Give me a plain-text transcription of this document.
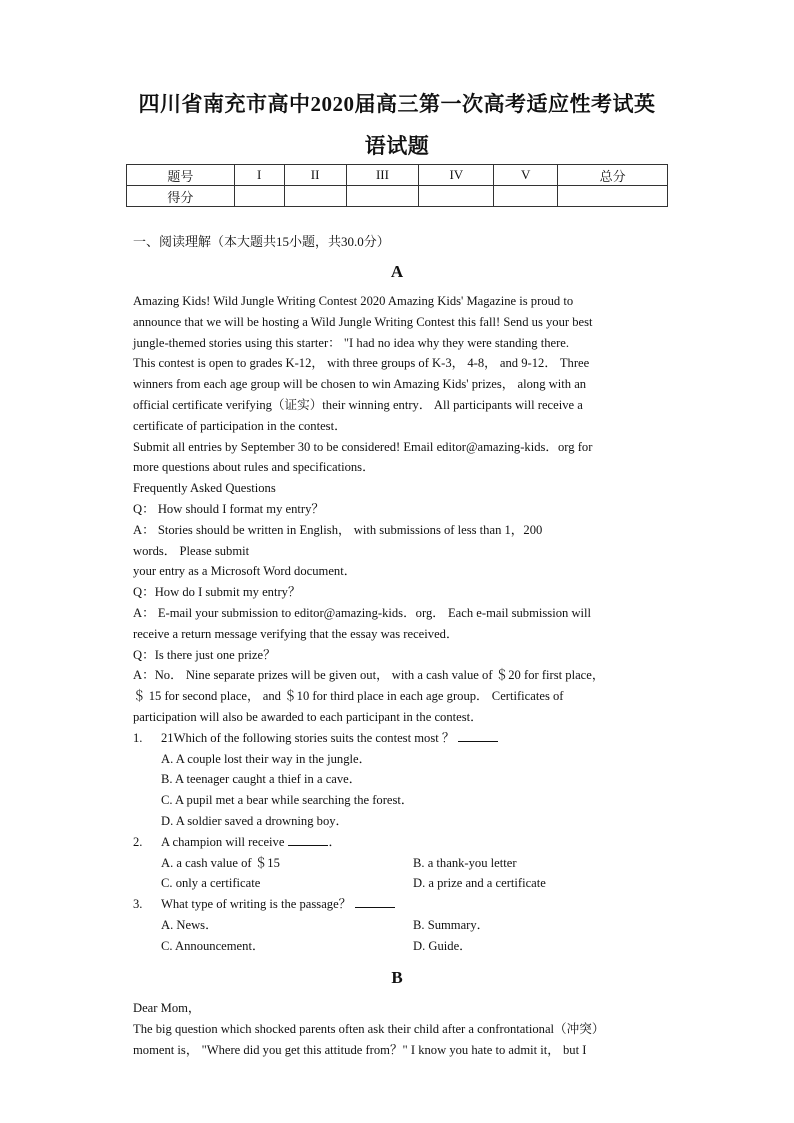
四川省南充市高中2020届高三第一次高考适应性考试英
语试题
题号	I	II	III	IV	V	总分
得分						
一、阅读理解（本大题共15小题，共30.0分）
A
Amazing Kids! Wild Jungle Writing Contest 2020 Amazing Kids' Magazine is proud to
announce that we will be hosting a Wild Jungle Writing Contest this fall! Send us your best
jungle-themed stories using this starter： "I had no idea why they were standing there.
This contest is open to grades K-12， with three groups of K-3， 4-8， and 9-12． Three
winners from each age group will be chosen to win Amazing Kids' prizes， along with an
official certificate verifying（证实）their winning entry． All participants will receive a
certificate of participation in the contest．
Submit all entries by September 30 to be considered! Email editor@amazing-kids．org for
more questions about rules and specifications．
Frequently Asked Questions
Q： How should I format my entry？
A： Stories should be written in English， with submissions of less than 1，200
words． Please submit
your entry as a Microsoft Word document．
Q：How do I submit my entry？
A： E-mail your submission to editor@amazing-kids．org． Each e-mail submission will
receive a return message verifying that the essay was received．
Q：Is there just one prize？
A：No． Nine separate prizes will be given out， with a cash value of ＄20 for first place，
＄ 15 for second place， and ＄10 for third place in each age group． Certificates of
participation will also be awarded to each participant in the contest．
1. 21Which of the following stories suits the contest most ？
A. A couple lost their way in the jungle．
B. A teenager caught a thief in a cave．
C. A pupil met a bear while searching the forest．
D. A soldier saved a drowning boy．
2. A champion will receive	．
A. a cash value of ＄15	B. a thank-you letter
C. only a certificate	D. a prize and a certificate
3. What type of writing is the passage？
A. News．	B. Summary．
C. Announcement．	D. Guide．
B
Dear Mom，
The big question which shocked parents often ask their child after a confrontational（冲突）
moment is， "Where did you get this attitude from？" I know you hate to admit it， but I
